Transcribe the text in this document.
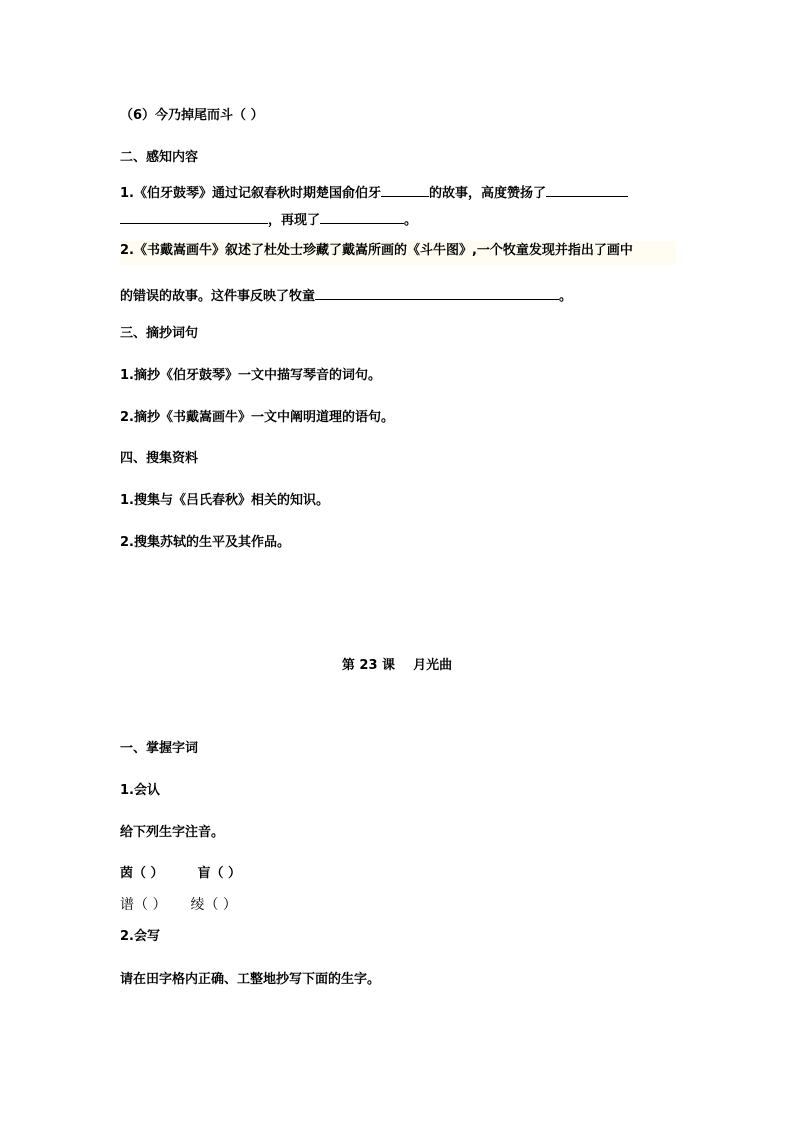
（6）今乃掉尾而斗（ ）
二、感知内容
1.《伯牙鼓琴》通过记叙春秋时期楚国俞伯牙	的故事，高度赞扬了
，再现了	。
2.《书戴嵩画牛》叙述了杜处士珍藏了戴嵩所画的《斗牛图》,一个牧童发现并指出了画中
的错误的故事。这件事反映了牧童	。
三、摘抄词句
1.摘抄《伯牙鼓琴》一文中描写琴音的词句。
2.摘抄《书戴嵩画牛》一文中阐明道理的语句。
四、搜集资料
1.搜集与《吕氏春秋》相关的知识。
2.搜集苏轼的生平及其作品。
第 23 课    月光曲
一、掌握字词
1.会认
给下列生字注音。
茵（ ）	盲（ ）
谱（ ） 绫（ ）
2.会写
请在田字格内正确、工整地抄写下面的生字。
